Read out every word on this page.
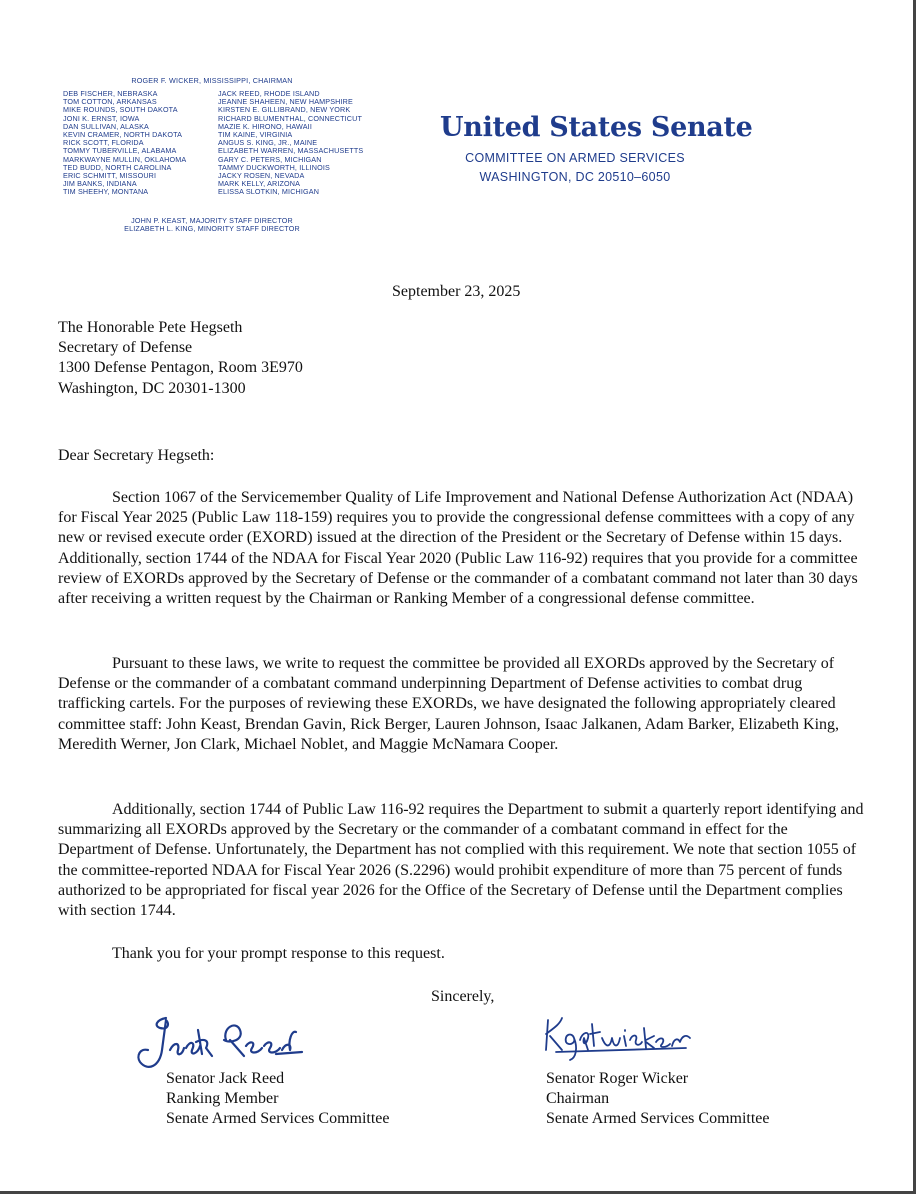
ROGER F. WICKER, MISSISSIPPI, CHAIRMAN
DEB FISCHER, NEBRASKA
TOM COTTON, ARKANSAS
MIKE ROUNDS, SOUTH DAKOTA
JONI K. ERNST, IOWA
DAN SULLIVAN, ALASKA
KEVIN CRAMER, NORTH DAKOTA
RICK SCOTT, FLORIDA
TOMMY TUBERVILLE, ALABAMA
MARKWAYNE MULLIN, OKLAHOMA
TED BUDD, NORTH CAROLINA
ERIC SCHMITT, MISSOURI
JIM BANKS, INDIANA
TIM SHEEHY, MONTANA
JACK REED, RHODE ISLAND
JEANNE SHAHEEN, NEW HAMPSHIRE
KIRSTEN E. GILLIBRAND, NEW YORK
RICHARD BLUMENTHAL, CONNECTICUT
MAZIE K. HIRONO, HAWAII
TIM KAINE, VIRGINIA
ANGUS S. KING, JR., MAINE
ELIZABETH WARREN, MASSACHUSETTS
GARY C. PETERS, MICHIGAN
TAMMY DUCKWORTH, ILLINOIS
JACKY ROSEN, NEVADA
MARK KELLY, ARIZONA
ELISSA SLOTKIN, MICHIGAN
JOHN P. KEAST, MAJORITY STAFF DIRECTOR
ELIZABETH L. KING, MINORITY STAFF DIRECTOR
United States Senate
COMMITTEE ON ARMED SERVICES
WASHINGTON, DC 20510–6050
September 23, 2025
The Honorable Pete Hegseth
Secretary of Defense
1300 Defense Pentagon, Room 3E970
Washington, DC 20301-1300
Dear Secretary Hegseth:
Section 1067 of the Servicemember Quality of Life Improvement and National Defense Authorization Act (NDAA) for Fiscal Year 2025 (Public Law 118-159) requires you to provide the congressional defense committees with a copy of any new or revised execute order (EXORD) issued at the direction of the President or the Secretary of Defense within 15 days. Additionally, section 1744 of the NDAA for Fiscal Year 2020 (Public Law 116-92) requires that you provide for a committee review of EXORDs approved by the Secretary of Defense or the commander of a combatant command not later than 30 days after receiving a written request by the Chairman or Ranking Member of a congressional defense committee.
Pursuant to these laws, we write to request the committee be provided all EXORDs approved by the Secretary of Defense or the commander of a combatant command underpinning Department of Defense activities to combat drug trafficking cartels. For the purposes of reviewing these EXORDs, we have designated the following appropriately cleared committee staff: John Keast, Brendan Gavin, Rick Berger, Lauren Johnson, Isaac Jalkanen, Adam Barker, Elizabeth King, Meredith Werner, Jon Clark, Michael Noblet, and Maggie McNamara Cooper.
Additionally, section 1744 of Public Law 116-92 requires the Department to submit a quarterly report identifying and summarizing all EXORDs approved by the Secretary or the commander of a combatant command in effect for the Department of Defense. Unfortunately, the Department has not complied with this requirement. We note that section 1055 of the committee-reported NDAA for Fiscal Year 2026 (S.2296) would prohibit expenditure of more than 75 percent of funds authorized to be appropriated for fiscal year 2026 for the Office of the Secretary of Defense until the Department complies with section 1744.
Thank you for your prompt response to this request.
Sincerely,
Senator Jack Reed
Ranking Member
Senate Armed Services Committee
Senator Roger Wicker
Chairman
Senate Armed Services Committee
